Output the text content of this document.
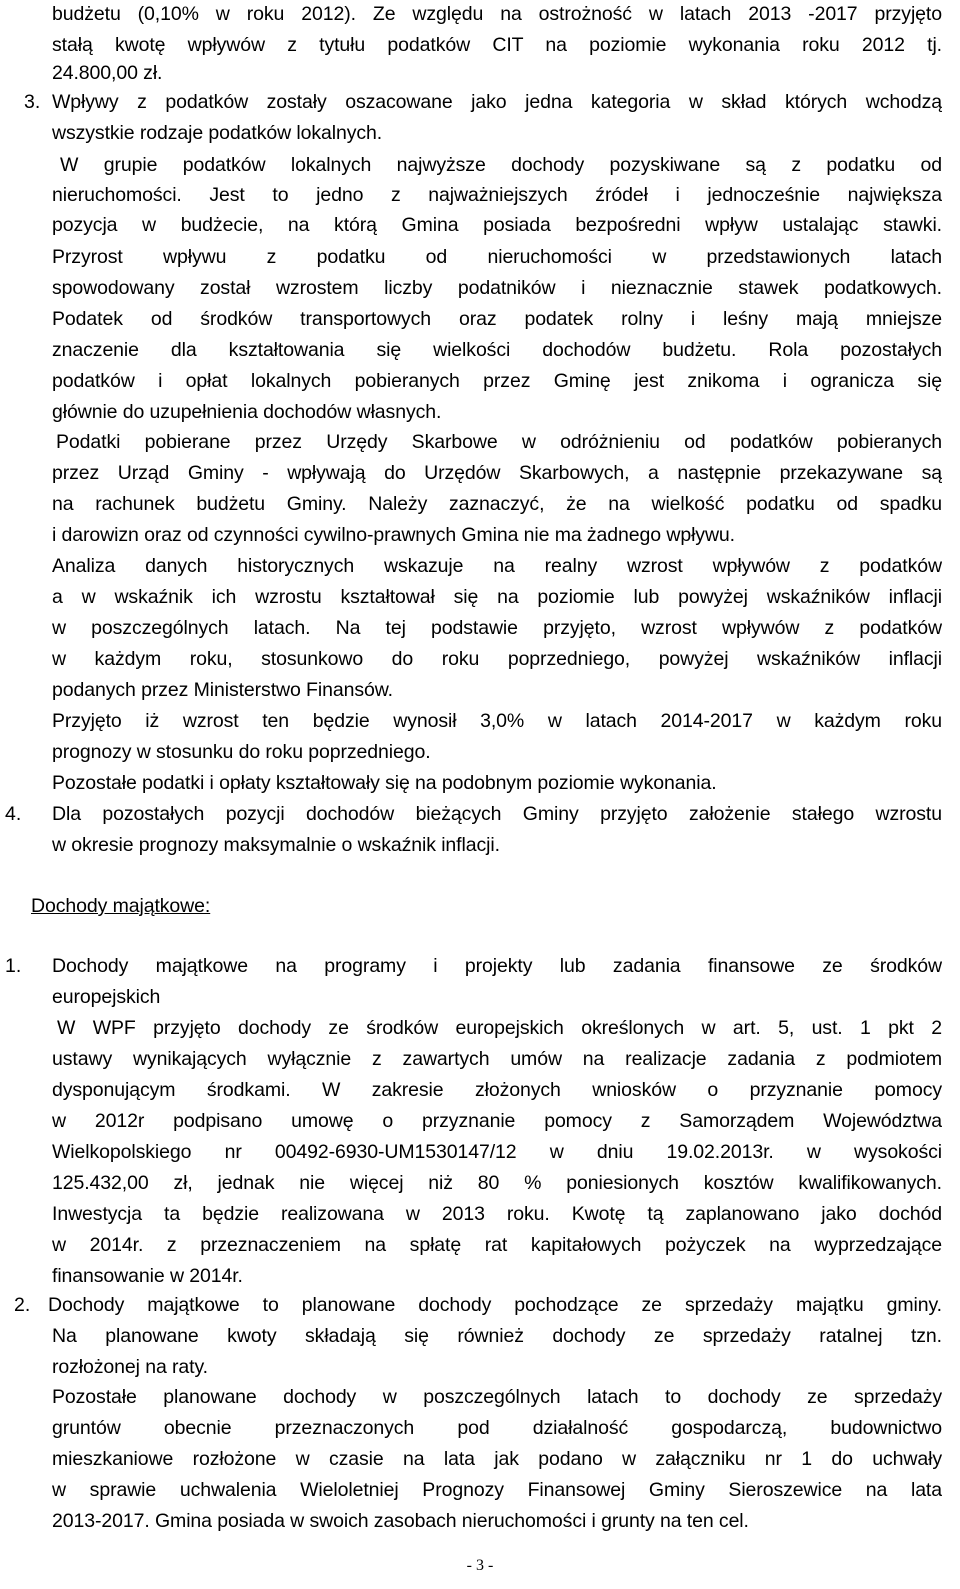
3.
4.
1.
2.
budżetu (0,10% w roku 2012). Ze względu na ostrożność w latach 2013 -2017 przyjęto
stałą kwotę wpływów z tytułu podatków CIT na poziomie wykonania roku 2012 tj.
24.800,00 zł.
Wpływy z podatków zostały oszacowane jako jedna kategoria w skład których wchodzą
wszystkie rodzaje podatków lokalnych.
W grupie podatków lokalnych najwyższe dochody pozyskiwane są z podatku od
nieruchomości. Jest to jedno z najważniejszych źródeł i jednocześnie największa
pozycja w budżecie, na którą Gmina posiada bezpośredni wpływ ustalając stawki.
Przyrost wpływu z podatku od nieruchomości w przedstawionych latach
spowodowany został wzrostem liczby podatników i nieznacznie stawek podatkowych.
Podatek od środków transportowych oraz podatek rolny i leśny mają mniejsze
znaczenie dla kształtowania się wielkości dochodów budżetu. Rola pozostałych
podatków i opłat lokalnych pobieranych przez Gminę jest znikoma i ogranicza się
głównie do uzupełnienia dochodów własnych.
Podatki pobierane przez Urzędy Skarbowe w odróżnieniu od podatków pobieranych
przez Urząd Gminy - wpływają do Urzędów Skarbowych, a następnie przekazywane są
na rachunek budżetu Gminy. Należy zaznaczyć, że na wielkość podatku od spadku
i darowizn oraz od czynności cywilno-prawnych Gmina nie ma żadnego wpływu.
Analiza danych historycznych wskazuje na realny wzrost wpływów z podatków
a w wskaźnik ich wzrostu kształtował się na poziomie lub powyżej wskaźników inflacji
w poszczególnych latach. Na tej podstawie przyjęto, wzrost wpływów z podatków
w każdym roku, stosunkowo do roku poprzedniego, powyżej wskaźników inflacji
podanych przez Ministerstwo Finansów.
Przyjęto iż wzrost ten będzie wynosił 3,0% w latach 2014-2017 w każdym roku
prognozy w stosunku do roku poprzedniego.
Pozostałe podatki i opłaty kształtowały się na podobnym poziomie wykonania.
Dla pozostałych pozycji dochodów bieżących Gminy przyjęto założenie stałego wzrostu
w okresie prognozy maksymalnie o wskaźnik inflacji.
Dochody majątkowe:
Dochody majątkowe na programy i projekty lub zadania finansowe ze środków
europejskich
W WPF przyjęto dochody ze środków europejskich określonych w art. 5, ust. 1 pkt 2
ustawy wynikających wyłącznie z zawartych umów na realizacje zadania z podmiotem
dysponującym środkami. W zakresie złożonych wniosków o przyznanie pomocy
w 2012r podpisano umowę o przyznanie pomocy z Samorządem Województwa
Wielkopolskiego nr 00492-6930-UM1530147/12 w dniu 19.02.2013r. w wysokości
125.432,00 zł, jednak nie więcej niż 80 % poniesionych kosztów kwalifikowanych.
Inwestycja ta będzie realizowana w 2013 roku. Kwotę tą zaplanowano jako dochód
w 2014r. z przeznaczeniem na spłatę rat kapitałowych pożyczek na wyprzedzające
finansowanie w 2014r.
Dochody majątkowe to planowane dochody pochodzące ze sprzedaży majątku gminy.
Na planowane kwoty składają się również dochody ze sprzedaży ratalnej tzn.
rozłożonej na raty.
Pozostałe planowane dochody w poszczególnych latach to dochody ze sprzedaży
gruntów obecnie przeznaczonych pod działalność gospodarczą, budownictwo
mieszkaniowe rozłożone w czasie na lata jak podano w załączniku nr 1 do uchwały
w sprawie uchwalenia Wieloletniej Prognozy Finansowej Gminy Sieroszewice na lata
2013-2017. Gmina posiada w swoich zasobach nieruchomości i grunty na ten cel.
- 3 -
